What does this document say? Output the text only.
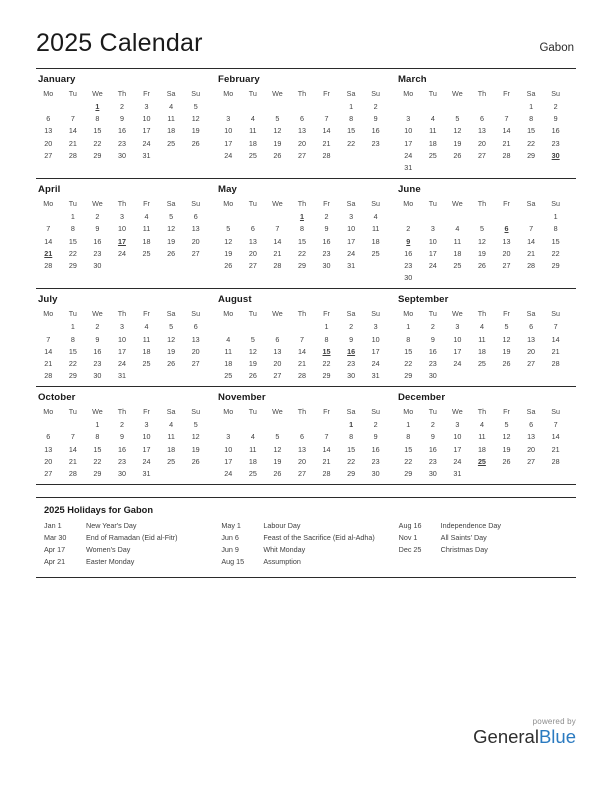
2025 Calendar	Gabon
January
Mo	Tu	We	Th	Fr	Sa	Su
		1	2	3	4	5
6	7	8	9	10	11	12
13	14	15	16	17	18	19
20	21	22	23	24	25	26
27	28	29	30	31		
February
Mo	Tu	We	Th	Fr	Sa	Su
					1	2
3	4	5	6	7	8	9
10	11	12	13	14	15	16
17	18	19	20	21	22	23
24	25	26	27	28		
March
Mo	Tu	We	Th	Fr	Sa	Su
					1	2
3	4	5	6	7	8	9
10	11	12	13	14	15	16
17	18	19	20	21	22	23
24	25	26	27	28	29	30
31						
April
Mo	Tu	We	Th	Fr	Sa	Su
	1	2	3	4	5	6
7	8	9	10	11	12	13
14	15	16	17	18	19	20
21	22	23	24	25	26	27
28	29	30				
May
Mo	Tu	We	Th	Fr	Sa	Su
			1	2	3	4
5	6	7	8	9	10	11
12	13	14	15	16	17	18
19	20	21	22	23	24	25
26	27	28	29	30	31	
June
Mo	Tu	We	Th	Fr	Sa	Su
						1
2	3	4	5	6	7	8
9	10	11	12	13	14	15
16	17	18	19	20	21	22
23	24	25	26	27	28	29
30						
July
Mo	Tu	We	Th	Fr	Sa	Su
	1	2	3	4	5	6
7	8	9	10	11	12	13
14	15	16	17	18	19	20
21	22	23	24	25	26	27
28	29	30	31			
August
Mo	Tu	We	Th	Fr	Sa	Su
				1	2	3
4	5	6	7	8	9	10
11	12	13	14	15	16	17
18	19	20	21	22	23	24
25	26	27	28	29	30	31
September
Mo	Tu	We	Th	Fr	Sa	Su
1	2	3	4	5	6	7
8	9	10	11	12	13	14
15	16	17	18	19	20	21
22	23	24	25	26	27	28
29	30					
October
Mo	Tu	We	Th	Fr	Sa	Su
		1	2	3	4	5
6	7	8	9	10	11	12
13	14	15	16	17	18	19
20	21	22	23	24	25	26
27	28	29	30	31		
November
Mo	Tu	We	Th	Fr	Sa	Su
					1	2
3	4	5	6	7	8	9
10	11	12	13	14	15	16
17	18	19	20	21	22	23
24	25	26	27	28	29	30
December
Mo	Tu	We	Th	Fr	Sa	Su
1	2	3	4	5	6	7
8	9	10	11	12	13	14
15	16	17	18	19	20	21
22	23	24	25	26	27	28
29	30	31				
2025 Holidays for Gabon
Jan 1	New Year's Day
Mar 30	End of Ramadan (Eid al-Fitr)
Apr 17	Women's Day
Apr 21	Easter Monday
May 1	Labour Day
Jun 6	Feast of the Sacrifice (Eid al-Adha)
Jun 9	Whit Monday
Aug 15	Assumption
Aug 16	Independence Day
Nov 1	All Saints' Day
Dec 25	Christmas Day
powered by
GeneralBlue
